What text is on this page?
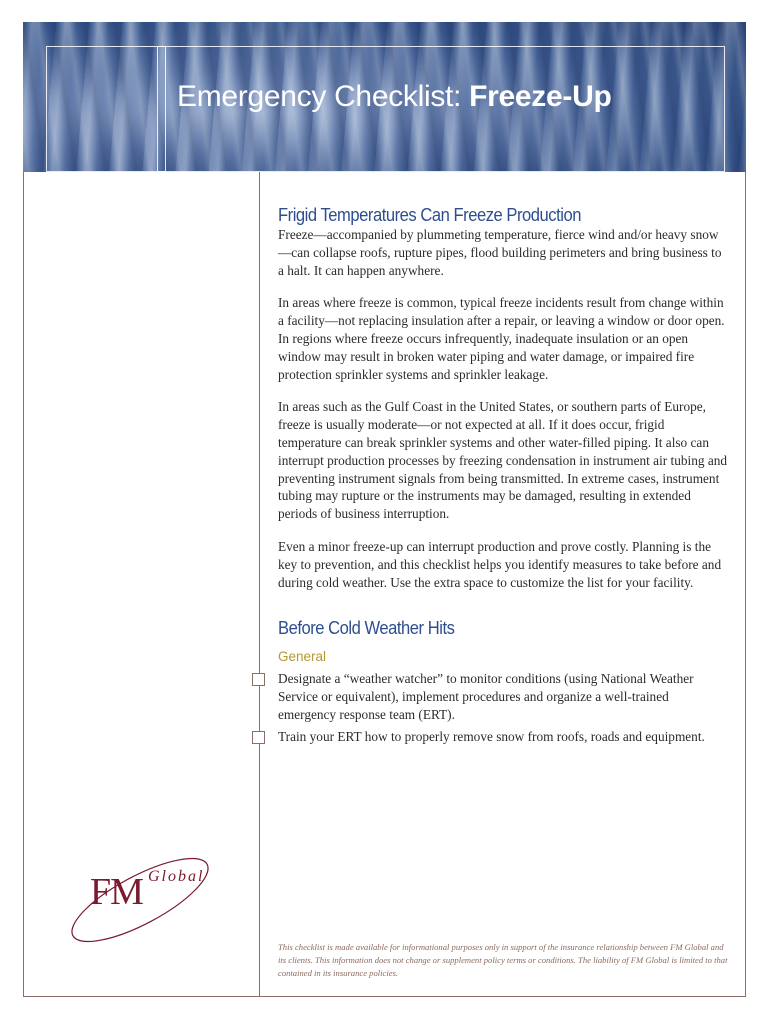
Emergency Checklist: Freeze-Up
Frigid Temperatures Can Freeze Production

Freeze—accompanied by plummeting temperature, fierce wind and/or heavy snow—can collapse roofs, rupture pipes, flood building perimeters and bring business to a halt. It can happen anywhere.

In areas where freeze is common, typical freeze incidents result from change within a facility—not replacing insulation after a repair, or leaving a window or door open. In regions where freeze occurs infrequently, inadequate insulation or an open window may result in broken water piping and water damage, or impaired fire protection sprinkler systems and sprinkler leakage.

In areas such as the Gulf Coast in the United States, or southern parts of Europe, freeze is usually moderate—or not expected at all. If it does occur, frigid temperature can break sprinkler systems and other water-filled piping. It also can interrupt production processes by freezing condensation in instrument air tubing and preventing instrument signals from being transmitted. In extreme cases, instrument tubing may rupture or the instruments may be damaged, resulting in extended periods of business interruption.

Even a minor freeze-up can interrupt production and prove costly. Planning is the key to prevention, and this checklist helps you identify measures to take before and during cold weather. Use the extra space to customize the list for your facility.

Before Cold Weather Hits
General

Designate a “weather watcher” to monitor conditions (using National Weather Service or equivalent), implement procedures and organize a well-trained emergency response team (ERT).

Train your ERT how to properly remove snow from roofs, roads and equipment.

FM Global
This checklist is made available for informational purposes only in support of the insurance relationship between FM Global and its clients. This information does not change or supplement policy terms or conditions. The liability of FM Global is limited to that contained in its insurance policies.
